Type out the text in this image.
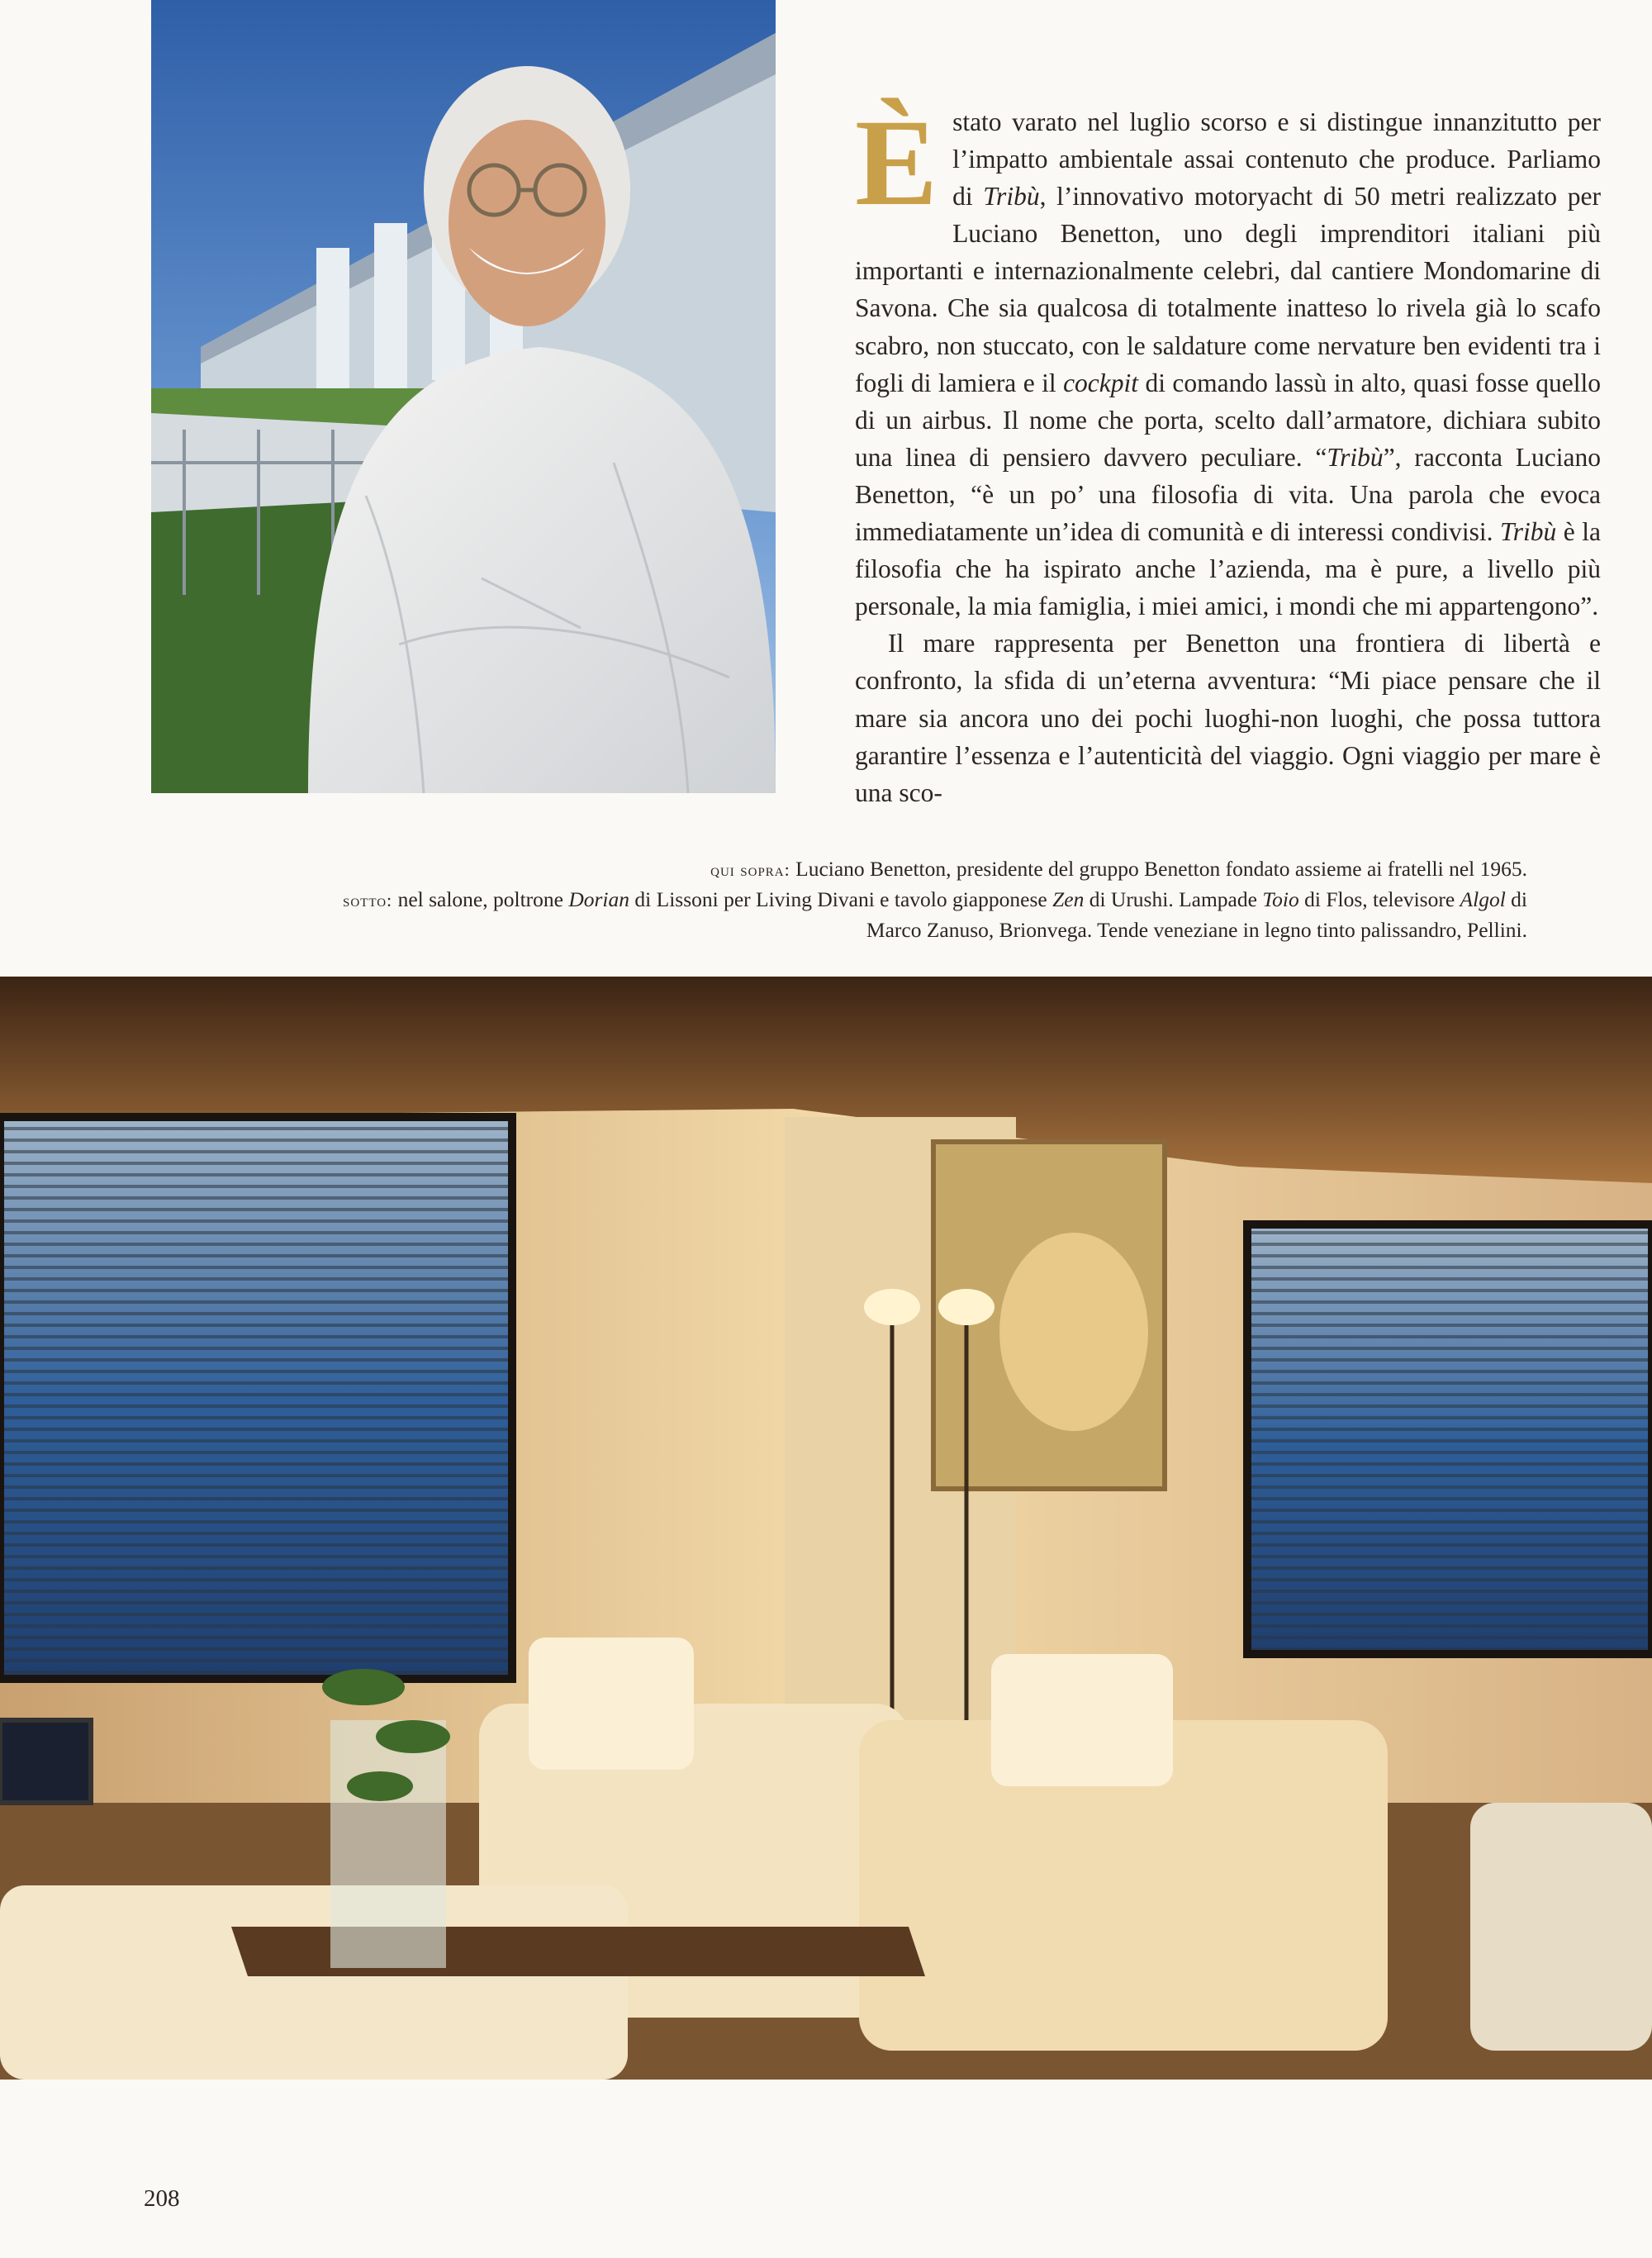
Èstato varato nel luglio scorso e si distingue innanzitutto per l’impatto ambientale assai contenuto che produce. Parliamo di Tribù, l’innovativo motoryacht di 50 metri realizzato per Luciano Benetton, uno degli imprenditori italiani più importanti e internazionalmente celebri, dal cantiere Mondomarine di Savona. Che sia qualcosa di totalmente inatteso lo rivela già lo scafo scabro, non stuccato, con le saldature come nervature ben evidenti tra i fogli di lamiera e il cockpit di comando lassù in alto, quasi fosse quello di un airbus. Il nome che porta, scelto dall’armatore, dichiara subito una linea di pensiero davvero peculiare. “Tribù”, racconta Luciano Benetton, “è un po’ una filosofia di vita. Una parola che evoca immediatamente un’idea di comunità e di interessi condivisi. Tribù è la filosofia che ha ispirato anche l’azienda, ma è pure, a livello più personale, la mia famiglia, i miei amici, i mondi che mi appartengono”.

Il mare rappresenta per Benetton una frontiera di libertà e confronto, la sfida di un’eterna avventura: “Mi piace pensare che il mare sia ancora uno dei pochi luoghi-non luoghi, che possa tuttora garantire l’essenza e l’autenticità del viaggio. Ogni viaggio per mare è una sco-

qui sopra: Luciano Benetton, presidente del gruppo Benetton fondato assieme ai fratelli nel 1965.

sotto: nel salone, poltrone Dorian di Lissoni per Living Divani e tavolo giapponese Zen di Urushi. Lampade Toio di Flos, televisore Algol di Marco Zanuso, Brionvega. Tende veneziane in legno tinto palissandro, Pellini.

208
